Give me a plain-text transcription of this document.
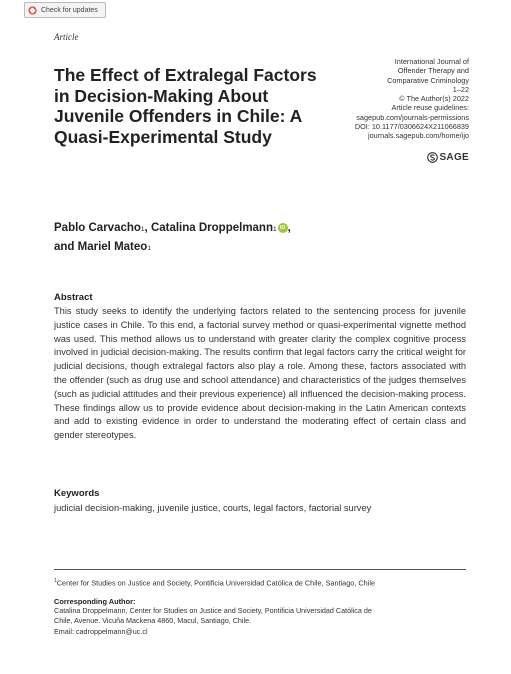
Check for updates
Article
The Effect of Extralegal Factors in Decision-Making About Juvenile Offenders in Chile: A Quasi-Experimental Study
International Journal of
Offender Therapy and
Comparative Criminology
1–22
© The Author(s) 2022
Article reuse guidelines:
sagepub.com/journals-permissions
DOI: 10.1177/0306624X211066839
journals.sagepub.com/home/ijo
SAGE
Pablo Carvacho$^1$, Catalina Droppelmann$^1$ iD ,
and Mariel Mateo$^1$
Abstract
This study seeks to identify the underlying factors related to the sentencing process for juvenile justice cases in Chile. To this end, a factorial survey method or quasi-experimental vignette method was used. This method allows us to understand with greater clarity the complex cognitive process involved in judicial decision-making. The results confirm that legal factors carry the critical weight for judicial decisions, though extralegal factors also play a role. Among these, factors associated with the offender (such as drug use and school attendance) and characteristics of the judges themselves (such as judicial attitudes and their previous experience) all influenced the decision-making process. These findings allow us to provide evidence about decision-making in the Latin American contexts and add to existing evidence in order to understand the moderating effect of certain class and gender stereotypes.
Keywords
judicial decision-making, juvenile justice, courts, legal factors, factorial survey
$^1$Center for Studies on Justice and Society, Pontificia Universidad Católica de Chile, Santiago, Chile
Corresponding Author:
Catalina Droppelmann, Center for Studies on Justice and Society, Pontificia Universidad Católica de
Chile, Avenue. Vicuña Mackena 4860, Macul, Santiago, Chile.
Email: cadroppelmann@uc.cl
